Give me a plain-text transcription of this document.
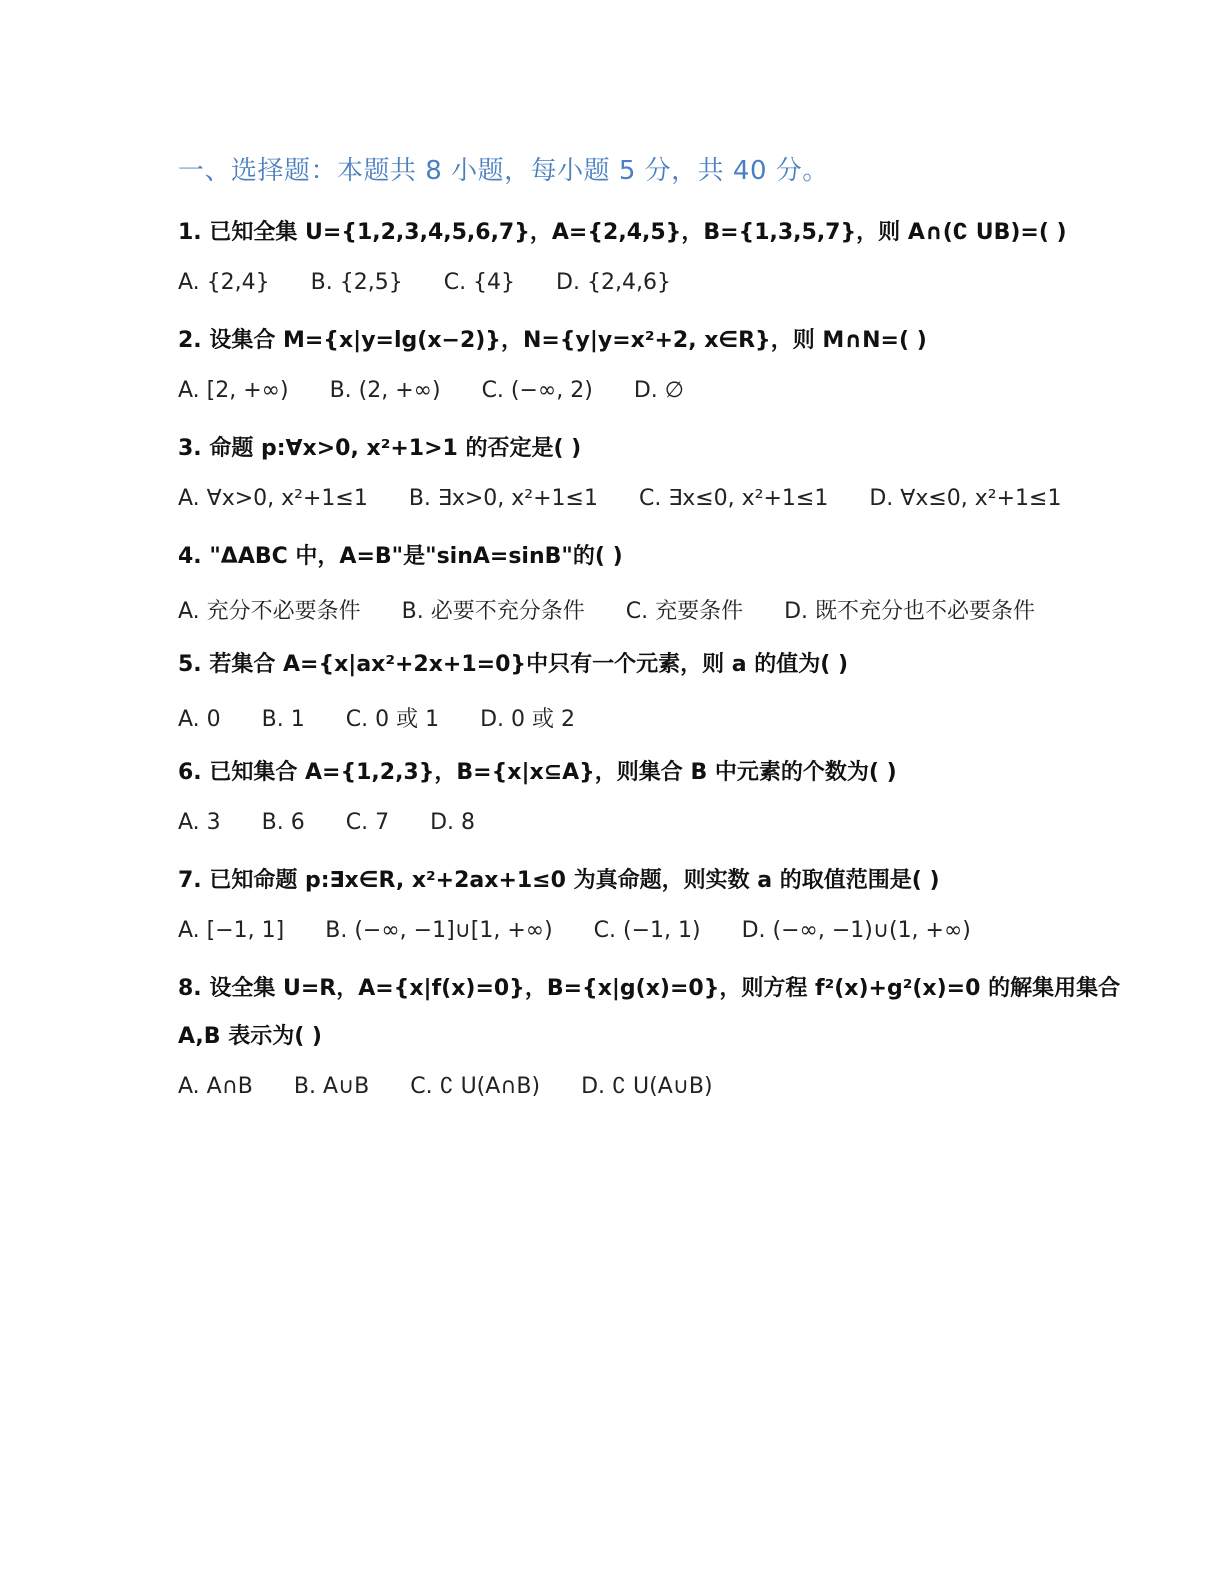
一、选择题：本题共 8 小题，每小题 5 分，共 40 分。
1. 已知全集 U={1,2,3,4,5,6,7}，A={2,4,5}，B={1,3,5,7}，则 A∩(∁ UB)=( )
A. {2,4} B. {2,5} C. {4} D. {2,4,6}
2. 设集合 M={x|y=lg(x−2)}，N={y|y=x²+2, x∈R}，则 M∩N=( )
A. [2, +∞) B. (2, +∞) C. (−∞, 2) D. ∅
3. 命题 p:∀x>0, x²+1>1 的否定是( )
A. ∀x>0, x²+1≤1 B. ∃x>0, x²+1≤1 C. ∃x≤0, x²+1≤1 D. ∀x≤0, x²+1≤1
4. "ΔABC 中，A=B"是"sinA=sinB"的( )
A. 充分不必要条件 B. 必要不充分条件 C. 充要条件 D. 既不充分也不必要条件
5. 若集合 A={x|ax²+2x+1=0}中只有一个元素，则 a 的值为( )
A. 0 B. 1 C. 0 或 1 D. 0 或 2
6. 已知集合 A={1,2,3}，B={x|x⊆A}，则集合 B 中元素的个数为( )
A. 3 B. 6 C. 7 D. 8
7. 已知命题 p:∃x∈R, x²+2ax+1≤0 为真命题，则实数 a 的取值范围是( )
A. [−1, 1] B. (−∞, −1]∪[1, +∞) C. (−1, 1) D. (−∞, −1)∪(1, +∞)
8. 设全集 U=R，A={x|f(x)=0}，B={x|g(x)=0}，则方程 f²(x)+g²(x)=0 的解集用集合
A,B 表示为( )
A. A∩B B. A∪B C. ∁ U(A∩B) D. ∁ U(A∪B)
